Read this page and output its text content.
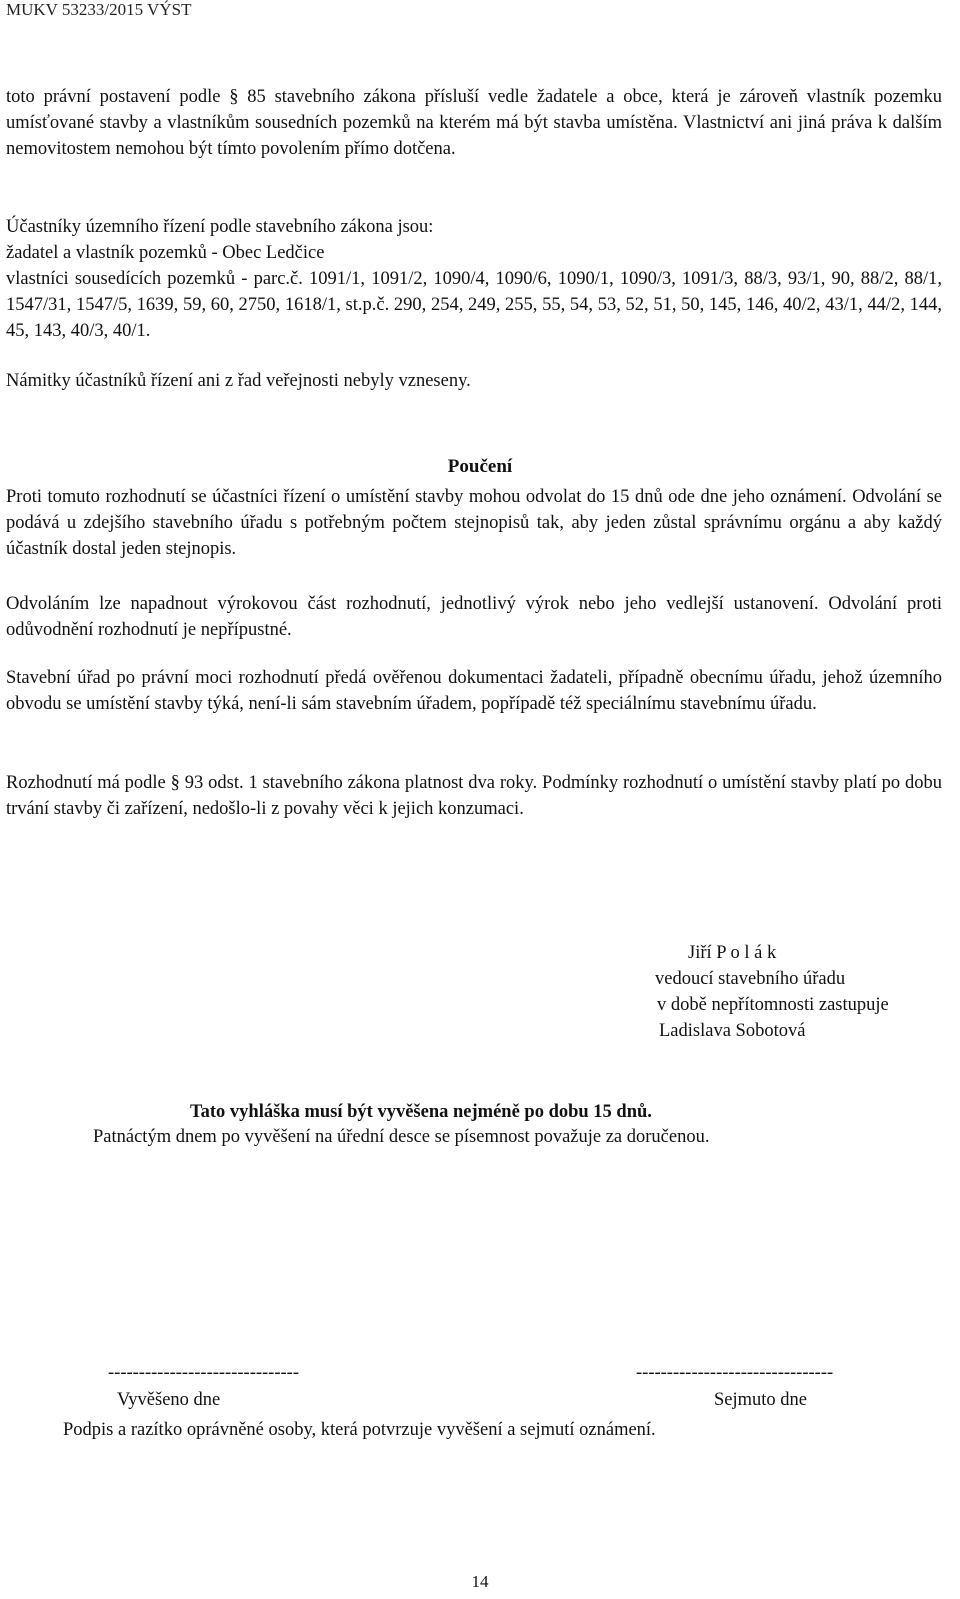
MUKV 53233/2015 VÝST

toto právní postavení podle § 85 stavebního zákona přísluší vedle žadatele a obce, která je zároveň vlastník pozemku umísťované stavby a vlastníkům sousedních pozemků na kterém má být stavba umístěna. Vlastnictví ani jiná práva k dalším nemovitostem nemohou být tímto povolením přímo dotčena.

Účastníky územního řízení podle stavebního zákona jsou:
žadatel a vlastník pozemků - Obec Ledčice
vlastníci sousedících pozemků - parc.č. 1091/1, 1091/2, 1090/4, 1090/6, 1090/1, 1090/3, 1091/3, 88/3, 93/1, 90, 88/2, 88/1, 1547/31, 1547/5, 1639, 59, 60, 2750, 1618/1, st.p.č. 290, 254, 249, 255, 55, 54, 53, 52, 51, 50, 145, 146, 40/2, 43/1, 44/2, 144, 45, 143, 40/3, 40/1.

Námitky účastníků řízení ani z řad veřejnosti nebyly vzneseny.

Poučení

Proti tomuto rozhodnutí se účastníci řízení o umístění stavby mohou odvolat do 15 dnů ode dne jeho oznámení. Odvolání se podává u zdejšího stavebního úřadu s potřebným počtem stejnopisů tak, aby jeden zůstal správnímu orgánu a aby každý účastník dostal jeden stejnopis.

Odvoláním lze napadnout výrokovou část rozhodnutí, jednotlivý výrok nebo jeho vedlejší ustanovení. Odvolání proti odůvodnění rozhodnutí je nepřípustné.

Stavební úřad po právní moci rozhodnutí předá ověřenou dokumentaci žadateli, případně obecnímu úřadu, jehož územního obvodu se umístění stavby týká, není-li sám stavebním úřadem, popřípadě též speciálnímu stavebnímu úřadu.

Rozhodnutí má podle § 93 odst. 1 stavebního zákona platnost dva roky. Podmínky rozhodnutí o umístění stavby platí po dobu trvání stavby či zařízení, nedošlo-li z povahy věci k jejich konzumaci.

Jiří P o l á k
vedoucí stavebního úřadu
v době nepřítomnosti zastupuje
Ladislava Sobotová
Tato vyhláška musí být vyvěšena nejméně po dobu 15 dnů.
Patnáctým dnem po vyvěšení na úřední desce se písemnost považuje za doručenou.
-------------------------------	--------------------------------
Vyvěšeno dne	Sejmuto dne
Podpis a razítko oprávněné osoby, která potvrzuje vyvěšení a sejmutí oznámení.
14
